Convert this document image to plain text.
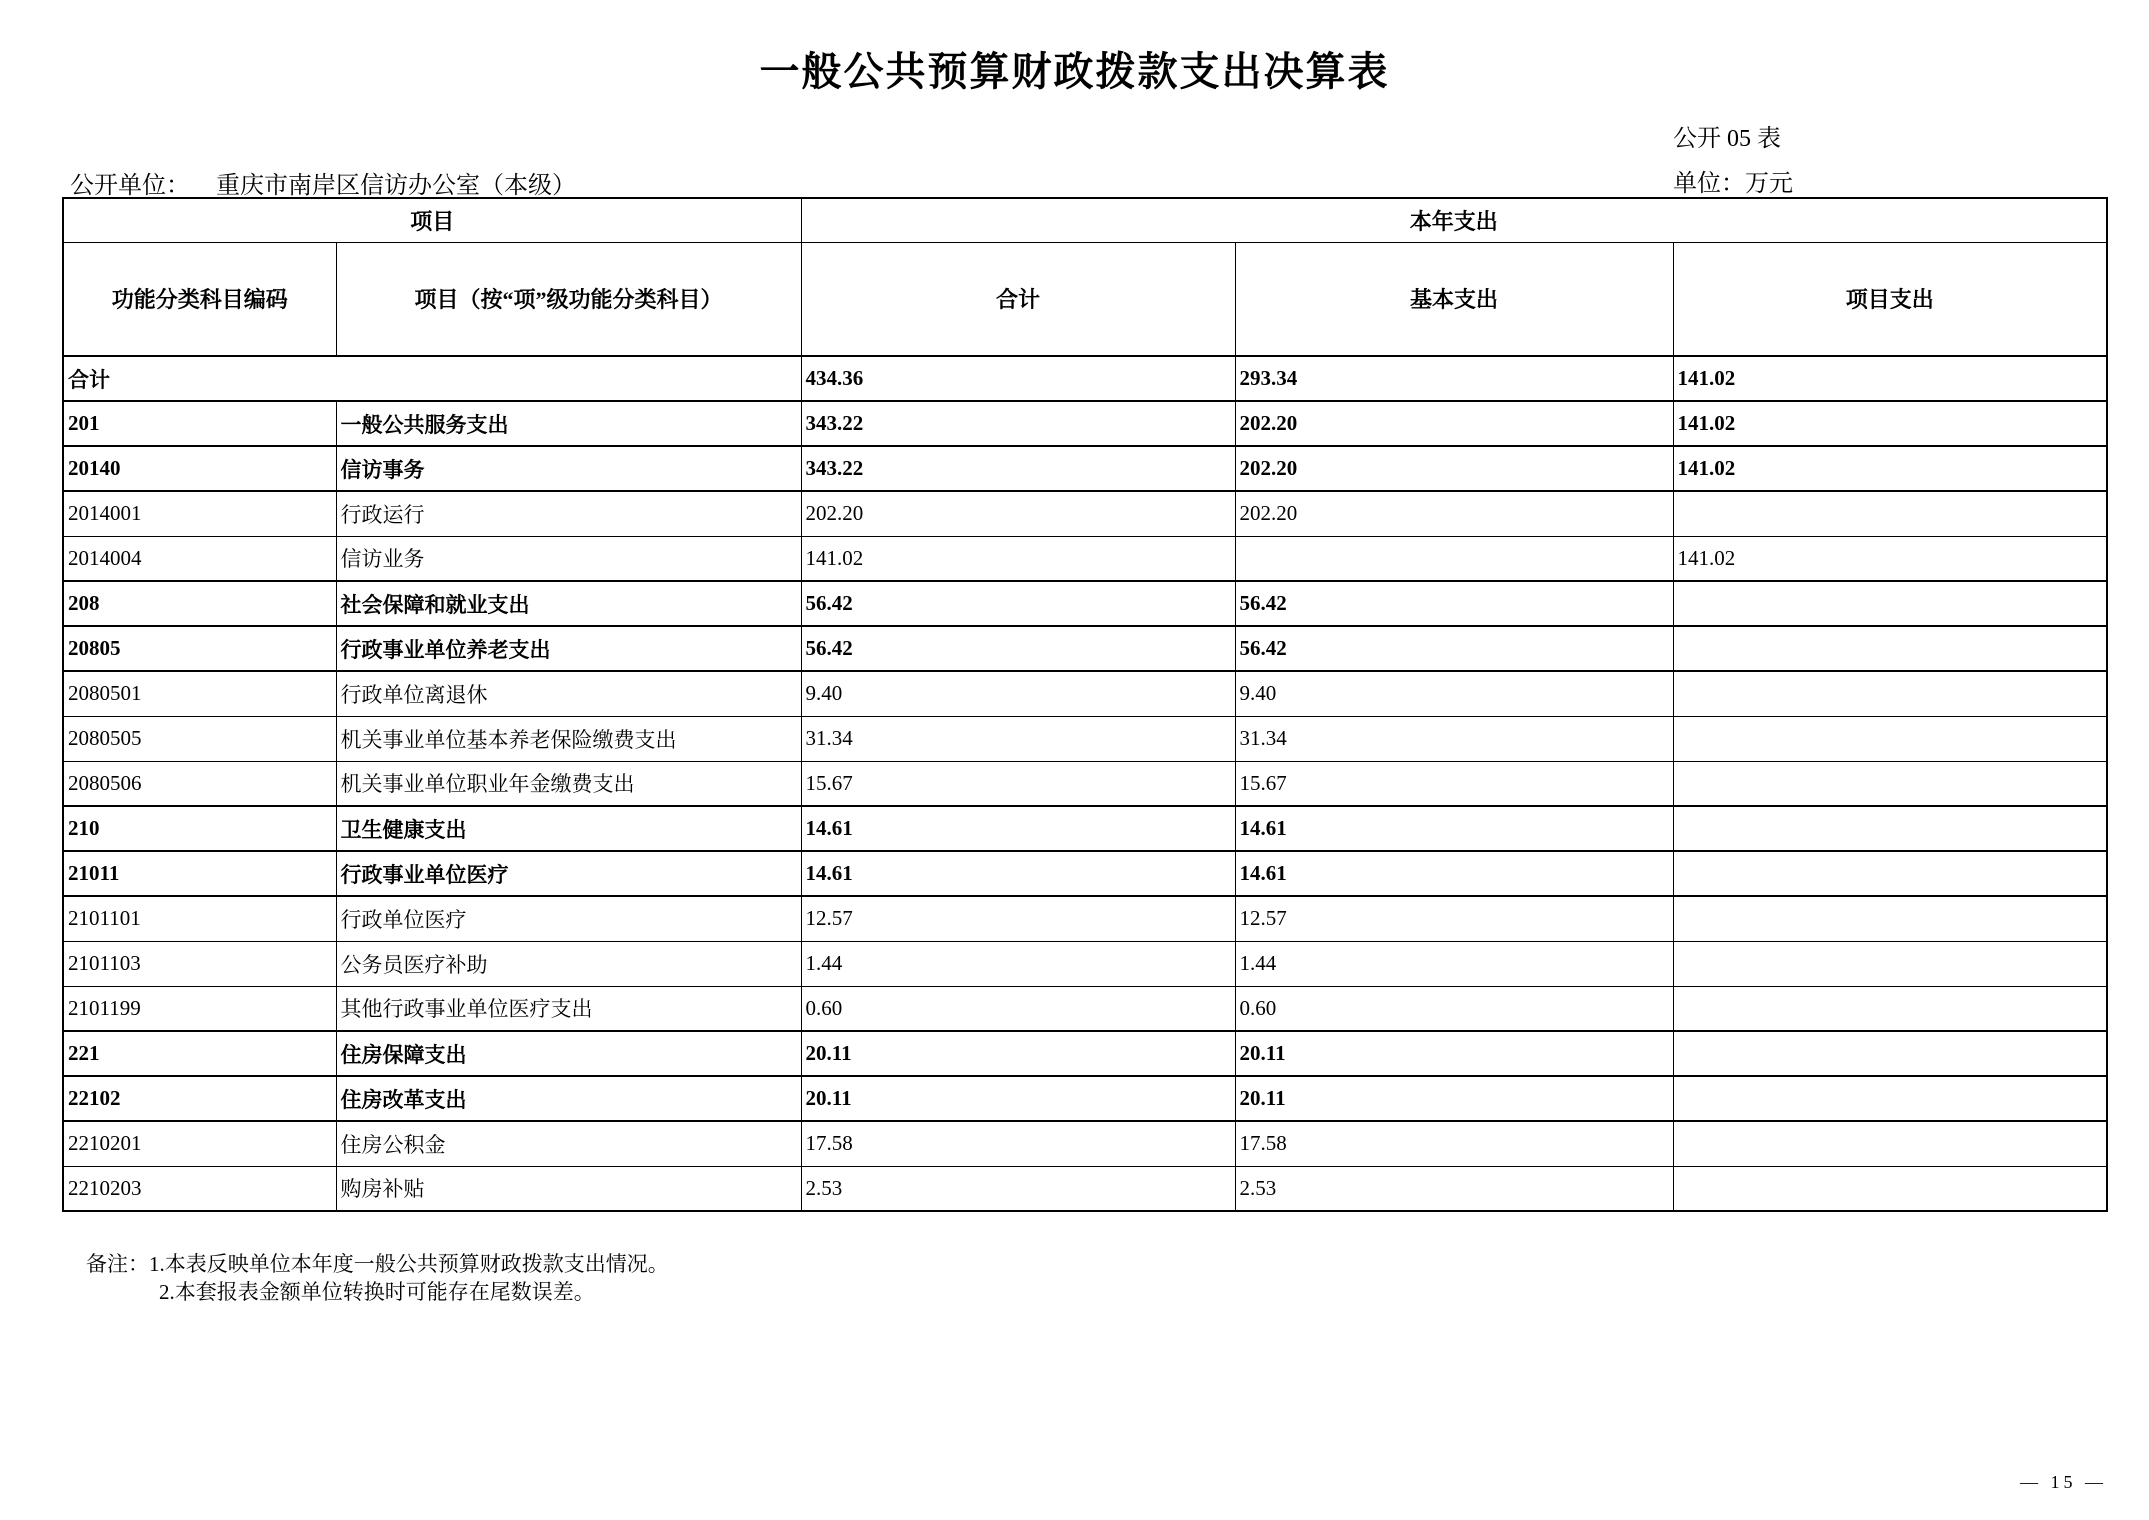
一般公共预算财政拨款支出决算表
公开 05 表
公开单位： 重庆市南岸区信访办公室（本级）	单位：万元
项目		本年支出		
功能分类科目编码	项目（按“项”级功能分类科目）	合计	基本支出	项目支出
合计		434.36	293.34	141.02
201	一般公共服务支出	343.22	202.20	141.02
20140	信访事务	343.22	202.20	141.02
2014001	行政运行	202.20	202.20	
2014004	信访业务	141.02		141.02
208	社会保障和就业支出	56.42	56.42	
20805	行政事业单位养老支出	56.42	56.42	
2080501	行政单位离退休	9.40	9.40	
2080505	机关事业单位基本养老保险缴费支出	31.34	31.34	
2080506	机关事业单位职业年金缴费支出	15.67	15.67	
210	卫生健康支出	14.61	14.61	
21011	行政事业单位医疗	14.61	14.61	
2101101	行政单位医疗	12.57	12.57	
2101103	公务员医疗补助	1.44	1.44	
2101199	其他行政事业单位医疗支出	0.60	0.60	
221	住房保障支出	20.11	20.11	
22102	住房改革支出	20.11	20.11	
2210201	住房公积金	17.58	17.58	
2210203	购房补贴	2.53	2.53	
备注：1.本表反映单位本年度一般公共预算财政拨款支出情况。
2.本套报表金额单位转换时可能存在尾数误差。
— 15 —
